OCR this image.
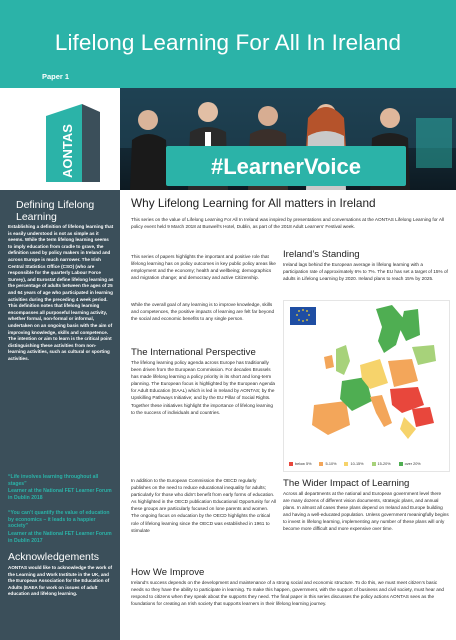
Lifelong Learning For All In Ireland
Paper 1
AONTAS	#LearnerVoice
Defining Lifelong Learning
Establishing a definition of lifelong learning that is easily understood is not as simple as it seems. While the term lifelong learning seems to imply education from cradle to grave, the definition used by policy makers in Ireland and across Europe is much narrower. The Irish Central Statistics Office (CSO) (who are responsible for the quarterly Labour Force Survey), and Eurostat define lifelong learning as the percentage of adults between the ages of 25 and 64 years of age who participated in learning activities during the preceding 4 week period. This definition notes that lifelong learning encompasses all purposeful learning activity, whether formal, non-formal or informal, undertaken on an ongoing basis with the aim of improving knowledge, skills and competence. The intention or aim to learn is the critical point distinguishing these activities from non-learning activities, such as cultural or sporting activities.
“Life involves learning throughout all stages”
Learner at the National FET Learner Forum in Dublin 2018
“You can’t quantify the value of education by economics – it leads to a happier society”
Learner at the National FET Learner Forum in Dublin 2017
Acknowledgements
AONTAS would like to acknowledge the work of the Learning and Work Institute in the UK, and the European Association for the Education of Adults (EAEA for work on issues of adult education and lifelong learning.
Why Lifelong Learning for All matters in Ireland

This series on the value of Lifelong Learning For All In Ireland was inspired by presentations and conversations at the AONTAS Lifelong Learning for All policy event held 9 March 2018 at Buswell’s Hotel, Dublin, as part of the 2018 Adult Learners’ Festival week.

This series of papers highlights the important and positive role that lifelong learning has on policy outcomes in key public policy areas like employment and the economy; health and wellbeing; demographics and migration change; and democracy and active Citizenship.

While the overall goal of any learning is to improve knowledge, skills and competences, the positive impacts of learning are felt far beyond the social and economic benefits to any single person.

The International Perspective

The lifelong learning policy agenda across Europe has traditionally been driven from the European Commission. For decades Brussels has made lifelong learning a policy priority in its short and long-term planning. The European focus is highlighted by the European Agenda for Adult Education (EAAL) which is led in Ireland by AONTAS; by the Upskilling Pathways Initiative; and by the EU Pillar of Social Rights. Together these initiatives highlight the importance of lifelong learning to the success of individuals and countries.

In addition to the European Commission the OECD regularly publishes on the need to reduce educational inequality for adults; particularly for those who didn’t benefit from early forms of education. As highlighted in the OECD publication Educational Opportunity for All these groups are particularly focused on lone parents and women. The ongoing focus on education by the OECD highlights the critical role of lifelong learning since the OECD was established in 1961 to stimulate

Ireland’s Standing

Ireland lags behind the European average in lifelong learning with a participation rate of approximately 6% to 7%. The EU has set a target of 15% of adults in Lifelong Learning by 2020. Ireland plans to reach 15% by 2025.

below 5%	5-10%	10-15%	15-20%	over 20%
The Wider Impact of Learning

Across all departments at the national and European government level there are many dozens of different vision documents, strategic plans, and annual plans. In almost all cases these plans depend on Ireland and Europe building and having a well-educated population. Unless government meaningfully begins to invest in lifelong learning, implementing any number of these plans will only become more difficult and more expensive over time.

How We Improve

Ireland’s success depends on the development and maintenance of a strong social and economic structure. To do this, we must meet citizen’s basic needs so they have the ability to participate in learning. To make this happen, government, with the support of business and civil society, must hear and respond to citizens when they speak about the supports they need. The final paper in this series discusses the policy actions AONTAS sees as the foundations for creating an Irish society that supports learners in their lifelong learning journey.
